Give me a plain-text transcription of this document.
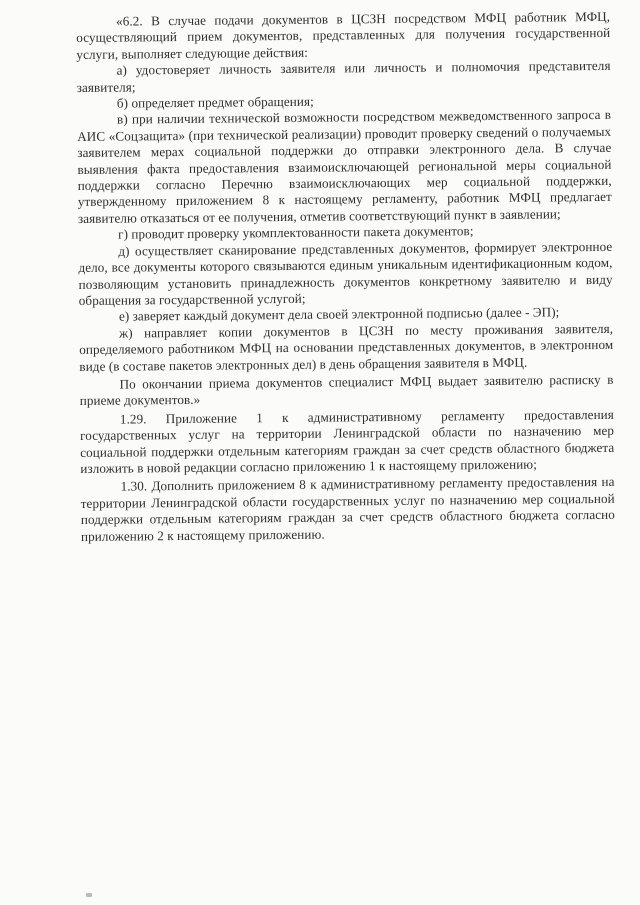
«6.2. В случае подачи документов в ЦСЗН посредством МФЦ работник МФЦ, осуществляющий прием документов, представленных для получения государственной услуги, выполняет следующие действия:

а) удостоверяет личность заявителя или личность и полномочия представителя заявителя;

б) определяет предмет обращения;

в) при наличии технической возможности посредством межведомственного запроса в АИС «Соцзащита» (при технической реализации) проводит проверку сведений о получаемых заявителем мерах социальной поддержки до отправки электронного дела. В случае выявления факта предоставления взаимоисключающей региональной меры социальной поддержки согласно Перечню взаимоисключающих мер социальной поддержки, утвержденному приложением 8 к настоящему регламенту, работник МФЦ предлагает заявителю отказаться от ее получения, отметив соответствующий пункт в заявлении;

г) проводит проверку укомплектованности пакета документов;

д) осуществляет сканирование представленных документов, формирует электронное дело, все документы которого связываются единым уникальным идентификационным кодом, позволяющим установить принадлежность документов конкретному заявителю и виду обращения за государственной услугой;

е) заверяет каждый документ дела своей электронной подписью (далее - ЭП);

ж) направляет копии документов в ЦСЗН по месту проживания заявителя, определяемого работником МФЦ на основании представленных документов, в электронном виде (в составе пакетов электронных дел) в день обращения заявителя в МФЦ.

По окончании приема документов специалист МФЦ выдает заявителю расписку в приеме документов.»

1.29. Приложение 1 к административному регламенту предоставления государственных услуг на территории Ленинградской области по назначению мер социальной поддержки отдельным категориям граждан за счет средств областного бюджета изложить в новой редакции согласно приложению 1 к настоящему приложению;

1.30. Дополнить приложением 8 к административному регламенту предоставления на территории Ленинградской области государственных услуг по назначению мер социальной поддержки отдельным категориям граждан за счет средств областного бюджета согласно приложению 2 к настоящему приложению.
